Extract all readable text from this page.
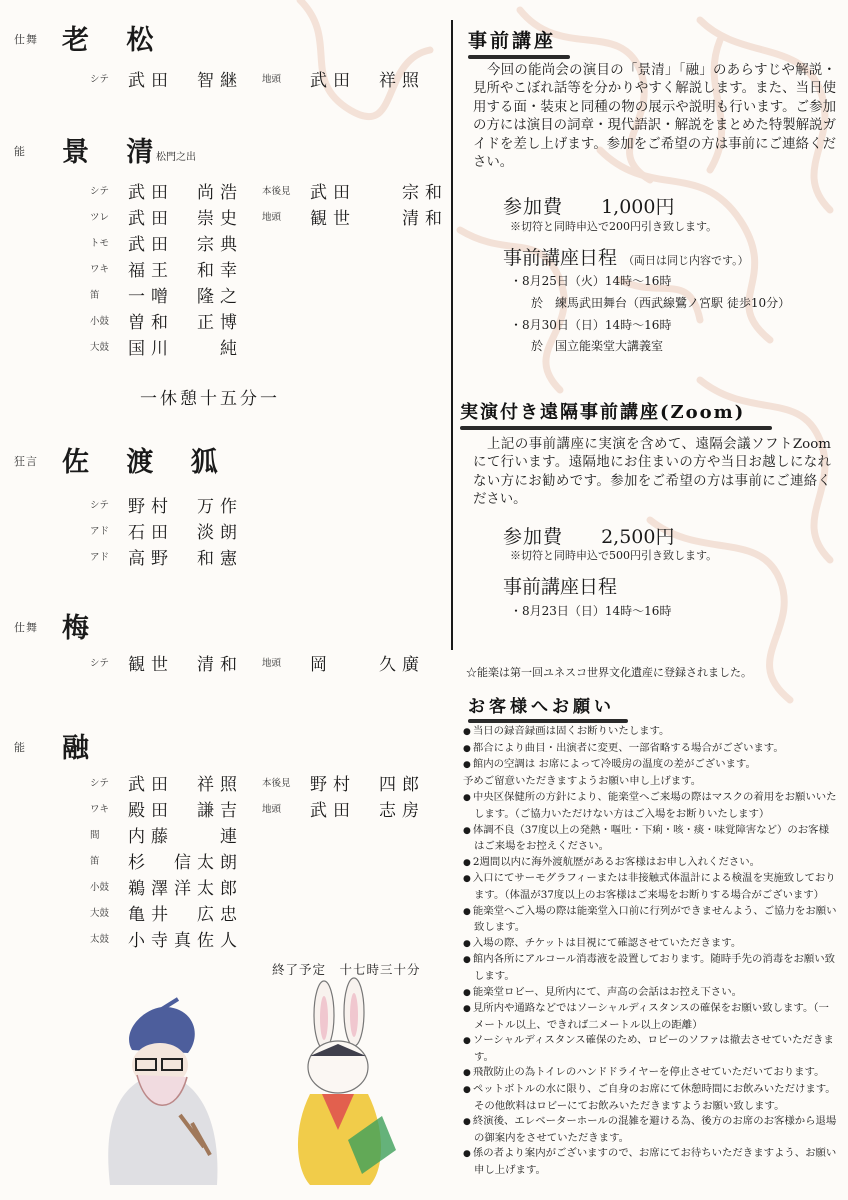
仕舞 老 松
シテ 武田　智継 地頭 武田　祥照
能 景 清
松門之出
シテ 武田　尚浩 本後見 武田　　宗和
ツレ 武田　崇史 地頭 観世　　清和
トモ 武田　宗典
ワキ 福王　和幸
笛 一噌　隆之
小鼓 曽和　正博
大鼓 国川　　純
狂言 佐 渡 狐
シテ 野村　万作
アド 石田　淡朗
アド 高野　和憲
仕舞 梅
シテ 観世　清和 地頭 岡　　久廣
能 融
シテ 武田　祥照 本後見 野村　四郎
ワキ 殿田　謙吉 地頭 武田　志房
間 内藤　　連
笛 杉　信太朗
小鼓 鵜澤洋太郎
大鼓 亀井　広忠
太鼓 小寺真佐人
一休憩十五分一
終了予定　十七時三十分
事前講座
今回の能尚会の演目の「景清」「融」のあらすじや解説・見所やこぼれ話等を分かりやすく解説します。また、当日使用する面・装束と同種の物の展示や説明も行います。ご参加の方には演目の詞章・現代語訳・解説をまとめた特製解説ガイドを差し上げます。参加をご希望の方は事前にご連絡ください。
参加費 1,000円
※切符と同時申込で200円引き致します。
事前講座日程 （両日は同じ内容です。）
・8月25日（火）14時～16時
於　練馬武田舞台（西武線鷺ノ宮駅 徒歩10分）
・8月30日（日）14時～16時
於　国立能楽堂大講義室
実演付き遠隔事前講座(Zoom)
上記の事前講座に実演を含めて、遠隔会議ソフトZoomにて行います。遠隔地にお住まいの方や当日お越しになれない方にお勧めです。参加をご希望の方は事前にご連絡ください。
参加費 2,500円
※切符と同時申込で500円引き致します。
事前講座日程
・8月23日（日）14時～16時
☆能楽は第一回ユネスコ世界文化遺産に登録されました。
お客様へお願い
● 当日の録音録画は固くお断りいたします。
● 都合により曲目・出演者に変更、一部省略する場合がございます。
● 館内の空調は お席によって冷暖房の温度の差がございます。
予めご留意いただきますようお願い申し上げます。
● 中央区保健所の方針により、能楽堂へご来場の際はマスクの着用をお願いいたします。（ご協力いただけない方はご入場をお断りいたします）
● 体調不良（37度以上の発熱・嘔吐・下痢・咳・痰・味覚障害など）のお客様はご来場をお控えください。
● 2週間以内に海外渡航歴があるお客様はお申し入れください。
● 入口にてサーモグラフィーまたは非接触式体温計による検温を実施致しております。（体温が37度以上のお客様はご来場をお断りする場合がございます）
● 能楽堂へご入場の際は能楽堂入口前に行列ができませんよう、ご協力をお願い致します。
● 入場の際、チケットは目視にて確認させていただきます。
● 館内各所にアルコール消毒液を設置しております。随時手先の消毒をお願い致します。
● 能楽堂ロビー、見所内にて、声高の会話はお控え下さい。
● 見所内や通路などではソーシャルディスタンスの確保をお願い致します。（一メートル以上、できれば二メートル以上の距離）
● ソーシャルディスタンス確保のため、ロビーのソファは撤去させていただきます。
● 飛散防止の為トイレのハンドドライヤーを停止させていただいております。
● ペットボトルの水に限り、ご自身のお席にて休憩時間にお飲みいただけます。その他飲料はロビーにてお飲みいただきますようお願い致します。
● 終演後、エレベーターホールの混雑を避ける為、後方のお席のお客様から退場の御案内をさせていただきます。
● 係の者より案内がございますので、お席にてお待ちいただきますよう、お願い申し上げます。
